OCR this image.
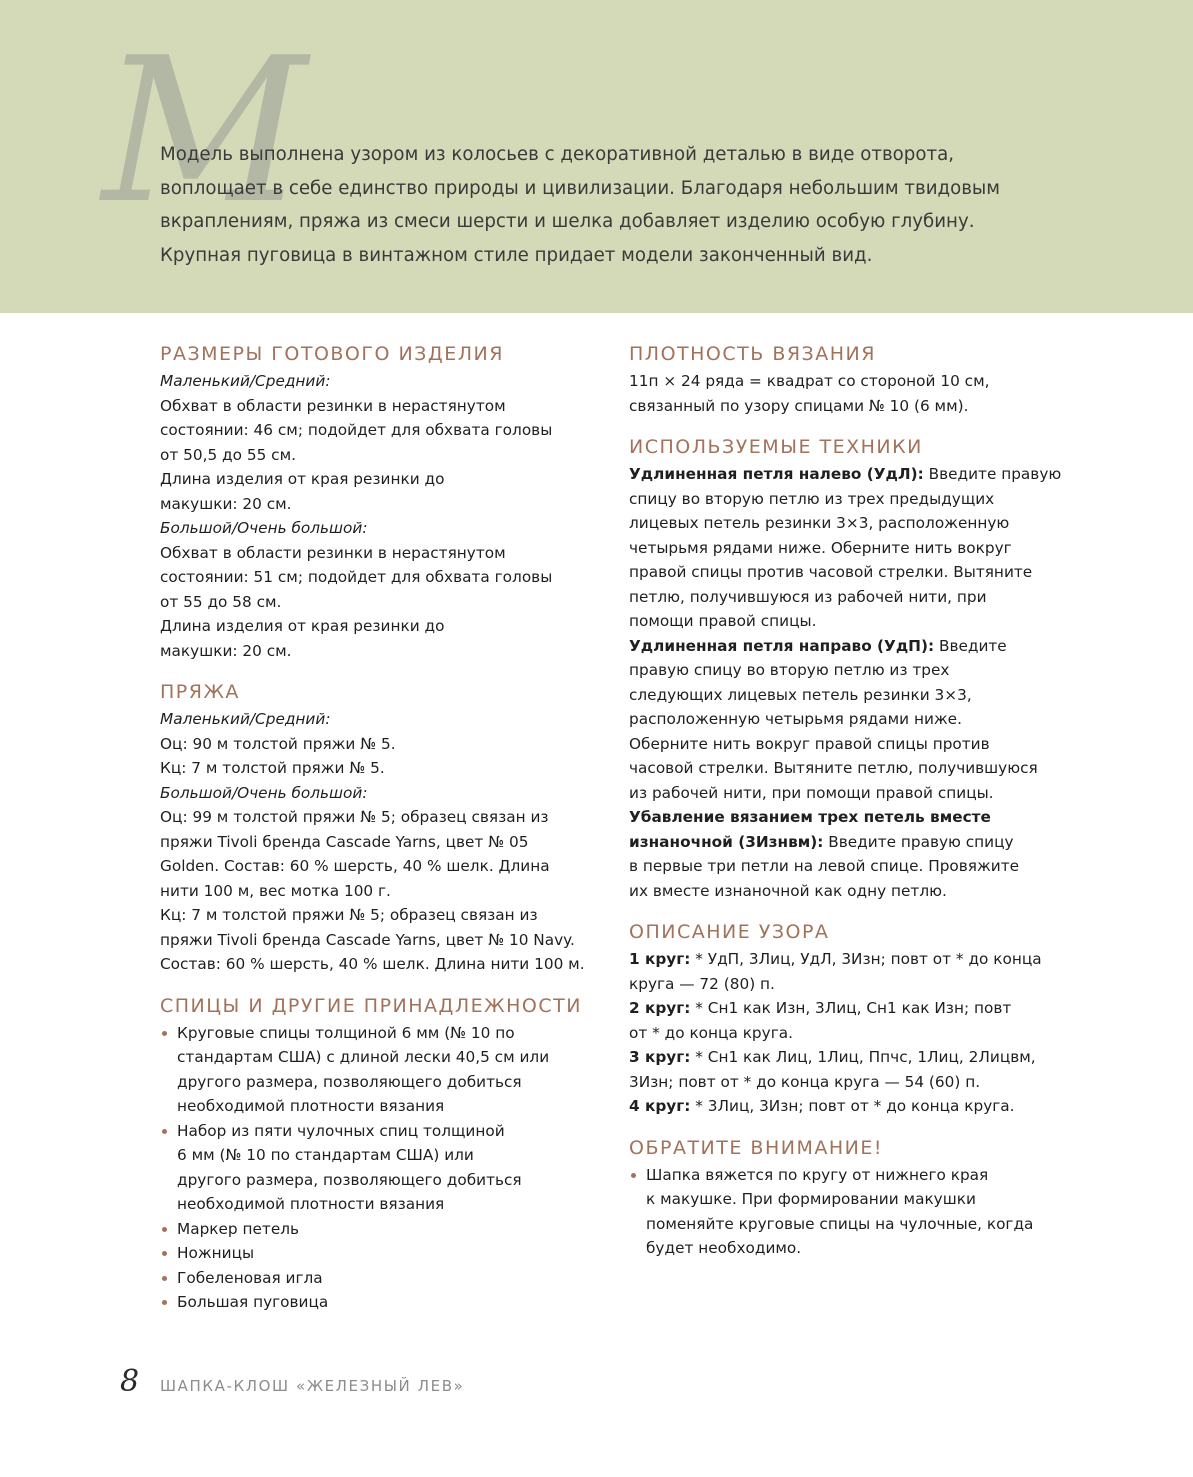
M
Модель выполнена узором из колосьев с декоративной деталью в виде отворота,
воплощает в себе единство природы и цивилизации. Благодаря небольшим твидовым
вкраплениям, пряжа из смеси шерсти и шелка добавляет изделию особую глубину.
Крупная пуговица в винтажном стиле придает модели законченный вид.
РАЗМЕРЫ ГОТОВОГО ИЗДЕЛИЯ
Маленький/Средний:
Обхват в области резинки в нерастянутом
состоянии: 46 см; подойдет для обхвата головы
от 50,5 до 55 см.
Длина изделия от края резинки до
макушки: 20 см.
Большой/Очень большой:
Обхват в области резинки в нерастянутом
состоянии: 51 см; подойдет для обхвата головы
от 55 до 58 см.
Длина изделия от края резинки до
макушки: 20 см.
ПРЯЖА
Маленький/Средний:
Оц: 90 м толстой пряжи № 5.
Кц: 7 м толстой пряжи № 5.
Большой/Очень большой:
Оц: 99 м толстой пряжи № 5; образец связан из
пряжи Tivoli бренда Cascade Yarns, цвет № 05
Golden. Состав: 60 % шерсть, 40 % шелк. Длина
нити 100 м, вес мотка 100 г.
Кц: 7 м толстой пряжи № 5; образец связан из
пряжи Tivoli бренда Cascade Yarns, цвет № 10 Navy.
Состав: 60 % шерсть, 40 % шелк. Длина нити 100 м.
СПИЦЫ И ДРУГИЕ ПРИНАДЛЕЖНОСТИ
Круговые спицы толщиной 6 мм (№ 10 по
стандартам США) с длиной лески 40,5 см или
другого размера, позволяющего добиться
необходимой плотности вязания
Набор из пяти чулочных спиц толщиной
6 мм (№ 10 по стандартам США) или
другого размера, позволяющего добиться
необходимой плотности вязания
Маркер петель
Ножницы
Гобеленовая игла
Большая пуговица
ПЛОТНОСТЬ ВЯЗАНИЯ
11п × 24 ряда = квадрат со стороной 10 см,
связанный по узору спицами № 10 (6 мм).
ИСПОЛЬЗУЕМЫЕ ТЕХНИКИ
Удлиненная петля налево (УдЛ): Введите правую
спицу во вторую петлю из трех предыдущих
лицевых петель резинки 3×3, расположенную
четырьмя рядами ниже. Оберните нить вокруг
правой спицы против часовой стрелки. Вытяните
петлю, получившуюся из рабочей нити, при
помощи правой спицы.
Удлиненная петля направо (УдП): Введите
правую спицу во вторую петлю из трех
следующих лицевых петель резинки 3×3,
расположенную четырьмя рядами ниже.
Оберните нить вокруг правой спицы против
часовой стрелки. Вытяните петлю, получившуюся
из рабочей нити, при помощи правой спицы.
Убавление вязанием трех петель вместе
изнаночной (3Изнвм): Введите правую спицу
в первые три петли на левой спице. Провяжите
их вместе изнаночной как одну петлю.
ОПИСАНИЕ УЗОРА
1 круг: * УдП, 3Лиц, УдЛ, 3Изн; повт от * до конца
круга — 72 (80) п.
2 круг: * Сн1 как Изн, 3Лиц, Сн1 как Изн; повт
от * до конца круга.
3 круг: * Сн1 как Лиц, 1Лиц, Ппчс, 1Лиц, 2Лицвм,
3Изн; повт от * до конца круга — 54 (60) п.
4 круг: * 3Лиц, 3Изн; повт от * до конца круга.
ОБРАТИТЕ ВНИМАНИЕ!
Шапка вяжется по кругу от нижнего края
к макушке. При формировании макушки
поменяйте круговые спицы на чулочные, когда
будет необходимо.
8 ШАПКА-КЛОШ «ЖЕЛЕЗНЫЙ ЛЕВ»
